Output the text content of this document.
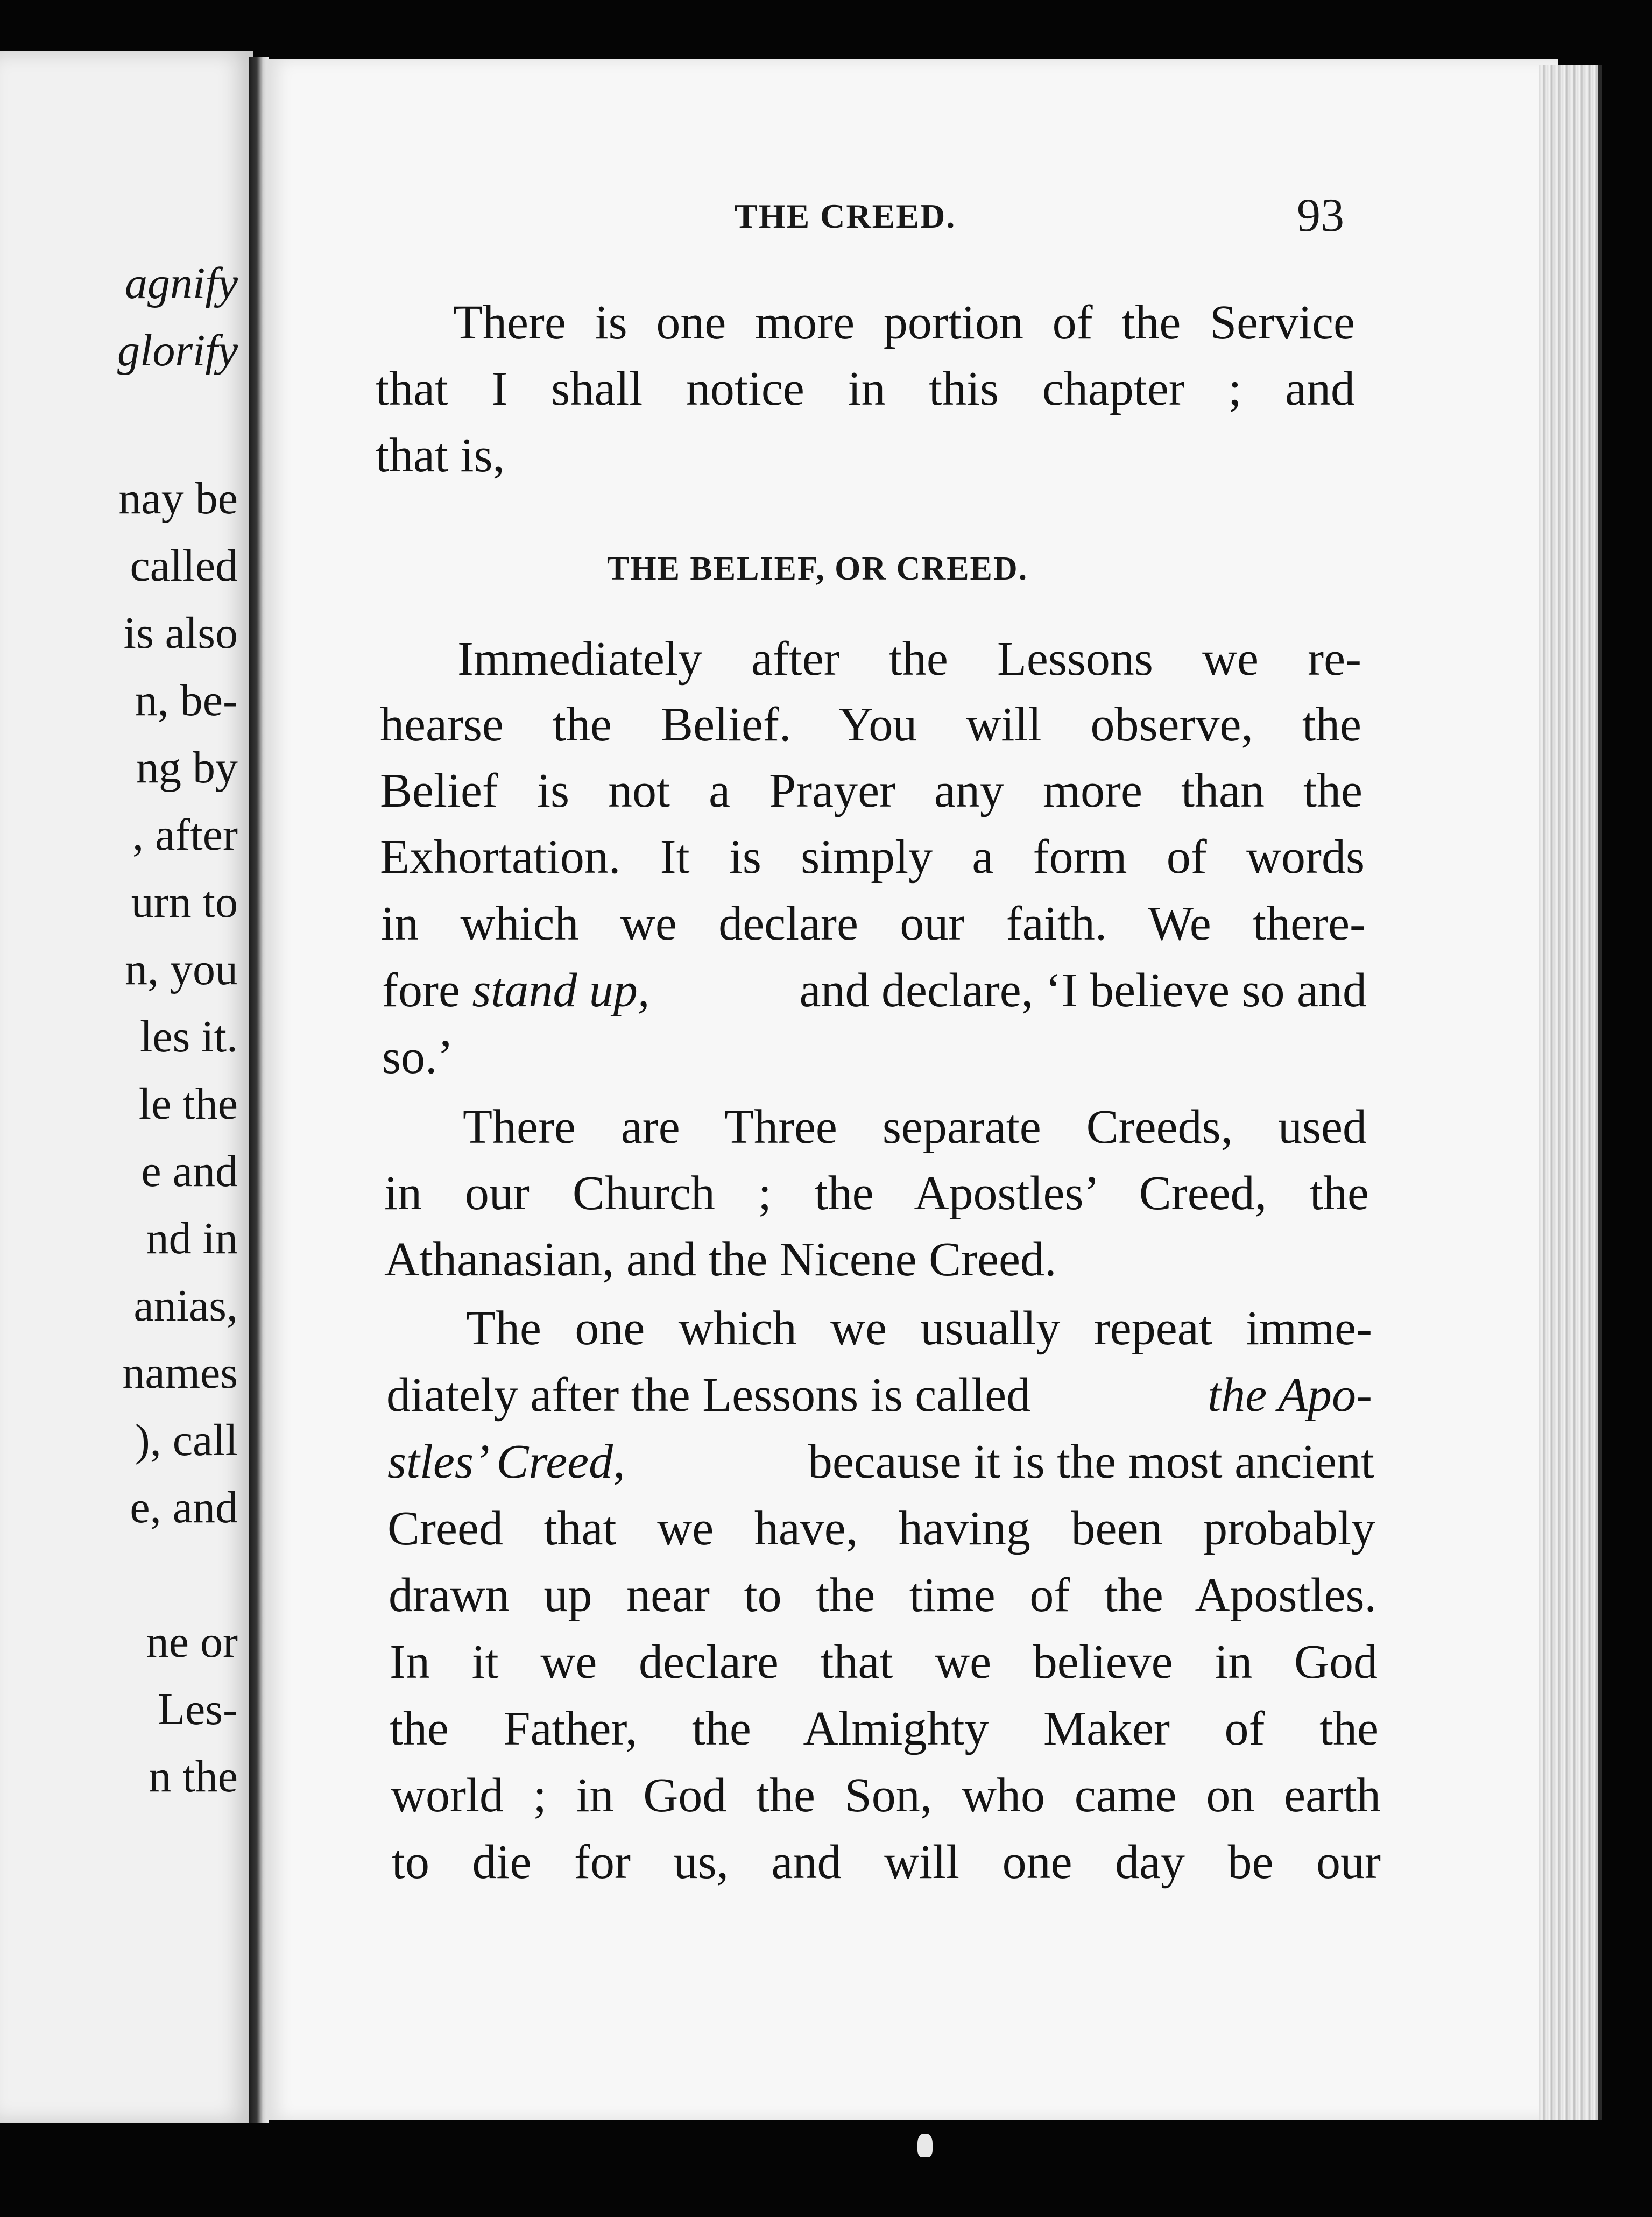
agnify
glorify
nay be
called
is also
n, be-
ng by
, after
urn to
n, you
les it.
le the
e and
nd in
anias,
names
), call
e, and
ne or
Les-
n the
THE CREED.	93
There is one more portion of the Service
that I shall notice in this chapter ; and
that is,
THE BELIEF, OR CREED.
Immediately after the Lessons we re-
hearse the Belief. You will observe, the
Belief is not a Prayer any more than the
Exhortation. It is simply a form of words
in which we declare our faith. We there-
fore stand up,	and declare, ‘I believe so and
so.’
There are Three separate Creeds, used
in our Church ; the Apostles’ Creed, the
Athanasian, and the Nicene Creed.
The one which we usually repeat imme-
diately after the Lessons is called	the Apo-
stles’ Creed,	because it is the most ancient
Creed that we have, having been probably
drawn up near to the time of the Apostles.
In it we declare that we believe in God
the Father, the Almighty Maker of the
world ; in God the Son, who came on earth
to die for us, and will one day be our
